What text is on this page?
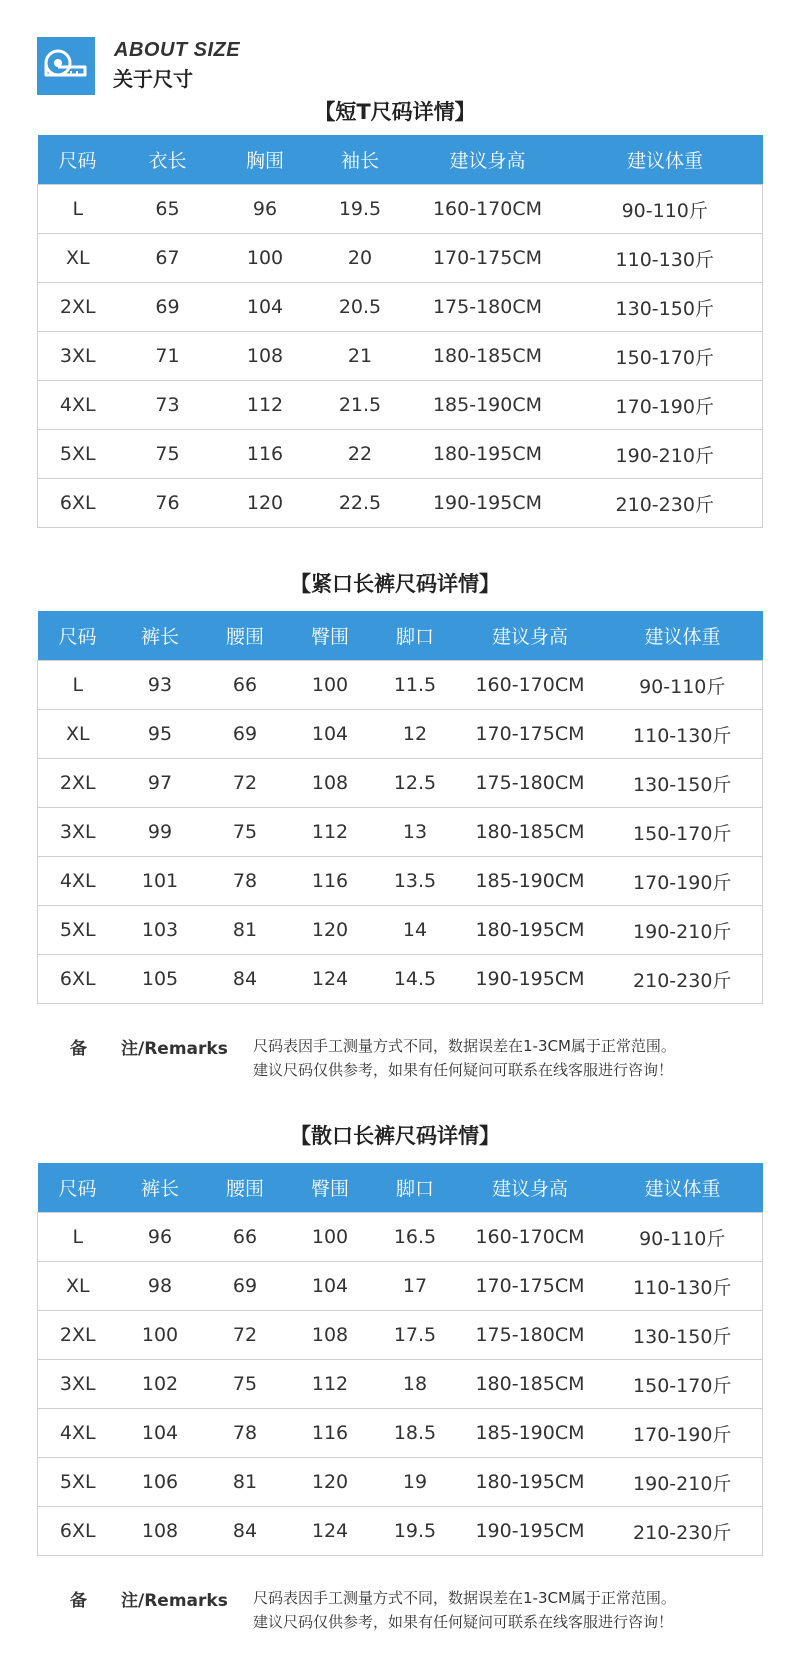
ABOUT SIZE
关于尺寸
【短T尺码详情】
尺码	衣长	胸围	袖长	建议身高	建议体重
L	65	96	19.5	160-170CM	90-110斤
XL	67	100	20	170-175CM	110-130斤
2XL	69	104	20.5	175-180CM	130-150斤
3XL	71	108	21	180-185CM	150-170斤
4XL	73	112	21.5	185-190CM	170-190斤
5XL	75	116	22	180-195CM	190-210斤
6XL	76	120	22.5	190-195CM	210-230斤
【紧口长裤尺码详情】
尺码	裤长	腰围	臀围	脚口	建议身高	建议体重
L	93	66	100	11.5	160-170CM	90-110斤
XL	95	69	104	12	170-175CM	110-130斤
2XL	97	72	108	12.5	175-180CM	130-150斤
3XL	99	75	112	13	180-185CM	150-170斤
4XL	101	78	116	13.5	185-190CM	170-190斤
5XL	103	81	120	14	180-195CM	190-210斤
6XL	105	84	124	14.5	190-195CM	210-230斤
备 注/Remarks 尺码表因手工测量方式不同，数据误差在1-3CM属于正常范围。
建议尺码仅供参考，如果有任何疑问可联系在线客服进行咨询！
【散口长裤尺码详情】
尺码	裤长	腰围	臀围	脚口	建议身高	建议体重
L	96	66	100	16.5	160-170CM	90-110斤
XL	98	69	104	17	170-175CM	110-130斤
2XL	100	72	108	17.5	175-180CM	130-150斤
3XL	102	75	112	18	180-185CM	150-170斤
4XL	104	78	116	18.5	185-190CM	170-190斤
5XL	106	81	120	19	180-195CM	190-210斤
6XL	108	84	124	19.5	190-195CM	210-230斤
备 注/Remarks 尺码表因手工测量方式不同，数据误差在1-3CM属于正常范围。
建议尺码仅供参考，如果有任何疑问可联系在线客服进行咨询！
